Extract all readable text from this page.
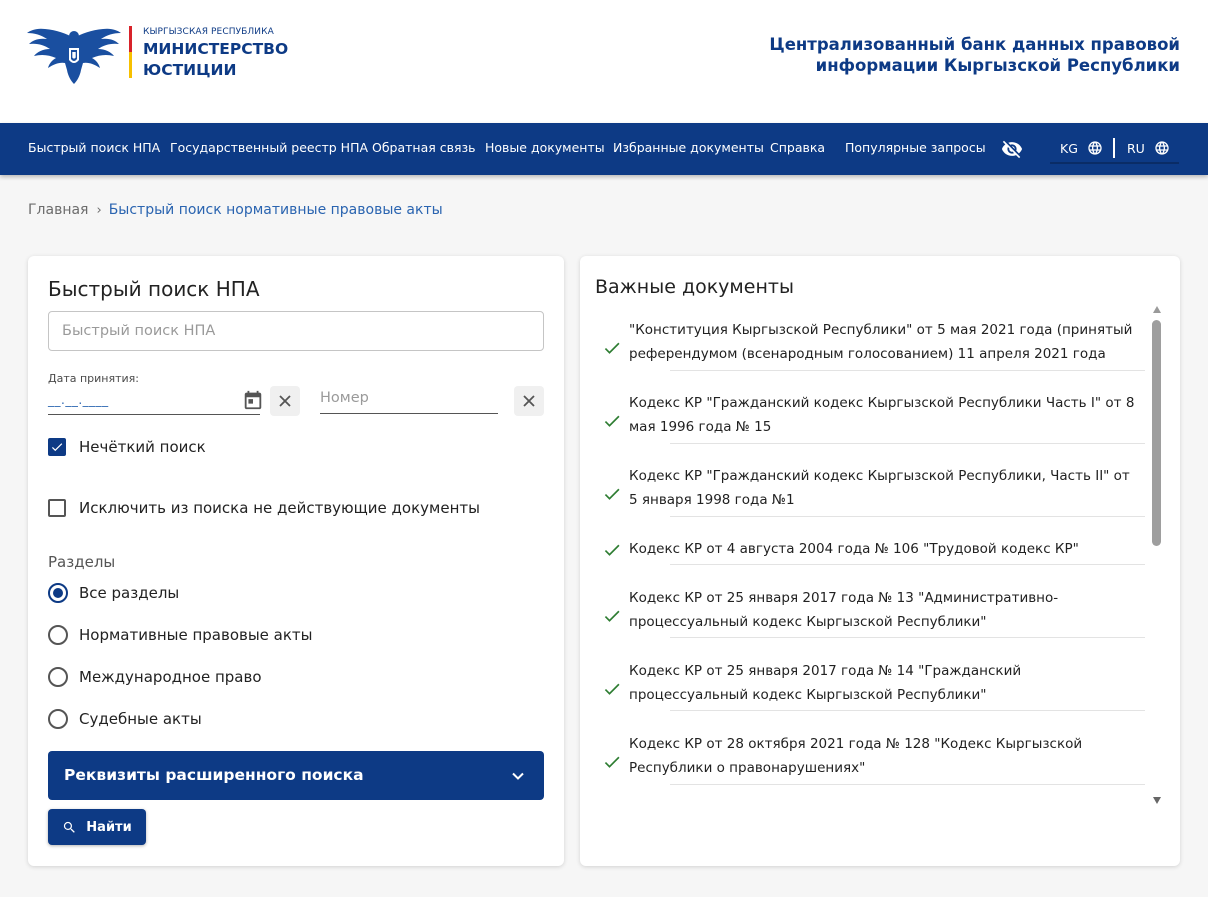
КЫРГЫЗСКАЯ РЕСПУБЛИКА
МИНИСТЕРСТВО
ЮСТИЦИИ
Централизованный банк данных правовой
информации Кыргызской Республики
Быстрый поиск НПА Государственный реестр НПА Обратная связь Новые документы Избранные документы Справка Популярные запросы	KG	RU
Главная › Быстрый поиск нормативные правовые акты
Быстрый поиск НПА
Быстрый поиск НПА
Дата принятия:
__.__.____	Номер
Нечёткий поиск
Исключить из поиска не действующие документы
Разделы
Все разделы
Нормативные правовые акты
Международное право
Судебные акты
Реквизиты расширенного поиска
Найти
Важные документы
"Конституция Кыргызской Республики" от 5 мая 2021 года (принятый референдумом (всенародным голосованием) 11 апреля 2021 года
Кодекс КР "Гражданский кодекс Кыргызской Республики Часть I" от 8 мая 1996 года № 15
Кодекс КР "Гражданский кодекс Кыргызской Республики, Часть II" от 5 января 1998 года №1
Кодекс КР от 4 августа 2004 года № 106 "Трудовой кодекс КР"
Кодекс КР от 25 января 2017 года № 13 "Административно-процессуальный кодекс Кыргызской Республики"
Кодекс КР от 25 января 2017 года № 14 "Гражданский процессуальный кодекс Кыргызской Республики"
Кодекс КР от 28 октября 2021 года № 128 "Кодекс Кыргызской Республики о правонарушениях"
